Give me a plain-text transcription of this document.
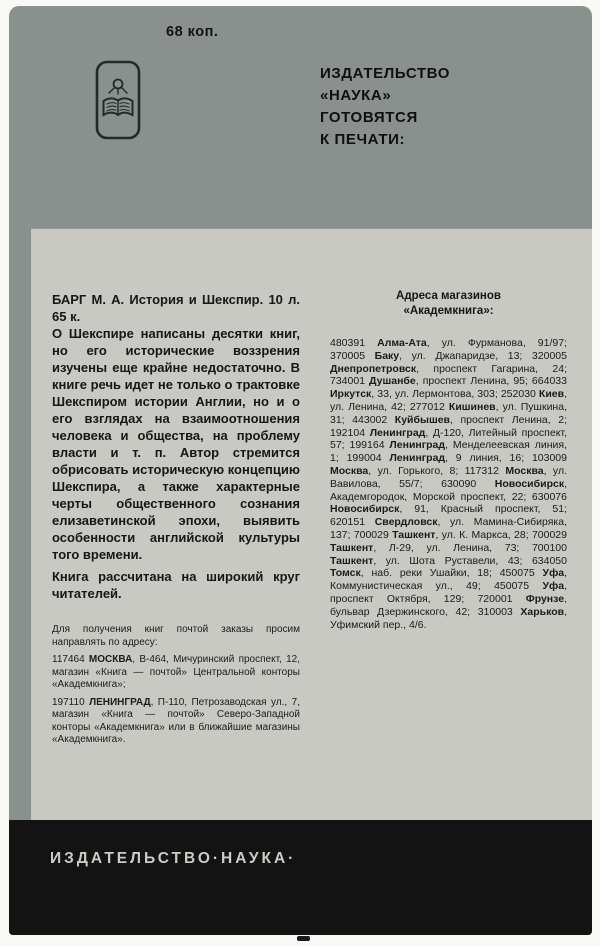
68 коп.
ИЗДАТЕЛЬСТВО
«НАУКА»
ГОТОВЯТСЯ
К ПЕЧАТИ:

БАРГ М. А. История и Шекспир. 10 л. 65 к.

О Шекспире написаны десятки книг, но его исторические воззрения изучены еще крайне недостаточно. В книге речь идет не только о трактовке Шекспиром истории Англии, но и о его взглядах на взаимоотношения человека и общества, на проблему власти и т. п. Автор стремится обрисовать историческую концепцию Шекспира, а также характерные черты общественного сознания елизаветинской эпохи, выявить особенности английской культуры того времени.

Книга рассчитана на широкий круг читателей.

Для получения книг почтой заказы просим направлять по адресу:

117464 МОСКВА, В-464, Мичуринский проспект, 12, магазин «Книга — почтой» Центральной конторы «Академкнига»;

197110 ЛЕНИНГРАД, П-110, Петрозаводская ул., 7, магазин «Книга — почтой» Северо-Западной конторы «Академкнига» или в ближайшие магазины «Академкнига».

Адреса магазинов
«Академкнига»:

480391 Алма-Ата, ул. Фурманова, 91/97; 370005 Баку, ул. Джапаридзе, 13; 320005 Днепропетровск, проспект Гагарина, 24; 734001 Душанбе, проспект Ленина, 95; 664033 Иркутск, 33, ул. Лермонтова, 303; 252030 Киев, ул. Ленина, 42; 277012 Кишинев, ул. Пушкина, 31; 443002 Куйбышев, проспект Ленина, 2; 192104 Ленинград, Д-120, Литейный проспект, 57; 199164 Ленинград, Менделеевская линия, 1; 199004 Ленинград, 9 линия, 16; 103009 Москва, ул. Горького, 8; 117312 Москва, ул. Вавилова, 55/7; 630090 Новосибирск, Академгородок, Морской проспект, 22; 630076 Новосибирск, 91, Красный проспект, 51; 620151 Свердловск, ул. Мамина-Сибиряка, 137; 700029 Ташкент, ул. К. Маркса, 28; 700029 Ташкент, Л-29, ул. Ленина, 73; 700100 Ташкент, ул. Шота Руставели, 43; 634050 Томск, наб. реки Ушайки, 18; 450075 Уфа, Коммунистическая ул., 49; 450075 Уфа, проспект Октября, 129; 720001 Фрунзе, бульвар Дзержинского, 42; 310003 Харьков, Уфимский пер., 4/6.

ИЗДАТЕЛЬСТВО·НАУКА·
